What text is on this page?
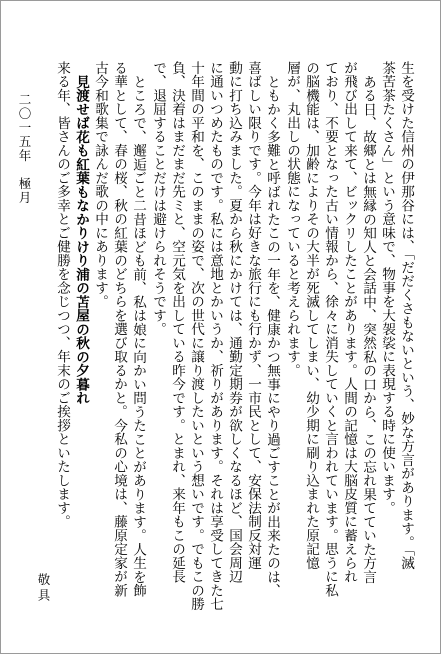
生を受けた信州の伊那谷には、「だだくさもないという、妙な方言があります。「滅
茶苦茶たくさん」という意味で、物事を大袈裟に表現する時に使います。
ある日、故郷とは無縁の知人と会話中、突然私の口から、この忘れ果てていた方言
が飛び出して来て、ビックリしたことがあります。人間の記憶は大脳皮質に蓄えられ
ており、不要となった古い情報から、徐々に消失していくと言われています。思うに私
の脳機能は、加齢によりその大半が死滅してしまい、幼少期に刷り込まれた原記憶
層が、丸出しの状態になっていると考えられます。
ともかく多難と呼ばれたこの一年を、健康かつ無事にやり過ごすことが出来たのは、
喜ばしい限りです。今年は好きな旅行にも行かず、一市民として、安保法制反対運
動に打ち込みました。夏から秋にかけては、通勤定期券が欲しくなるほど、国会周辺
に通いつめたものです。私には意地とかいうか、祈りがあります。それは享受してきた七
十年間の平和を、このままの姿で、次の世代に譲り渡したいという想いです。でもこの勝
負、決着はまだまだ先ミと、空元気を出している昨今です。とまれ、来年もこの延長
で、退屈することだけは避けられそうです。
ところで、邂逅ごと二昔ほども前、私は娘に向かい問うたことがあります。人生を飾
る華として、春の桜、秋の紅葉のどちらを選び取るかと。今私の心境は、藤原定家が新
古今和歌集で詠んだ歌の中にあります。
見渡せば花も紅葉もなかりけり浦の苫屋の秋の夕暮れ
来る年、皆さんのご多幸とご健勝を念じつつ、年末のご挨拶といたします。
敬具
二〇一五年　極月
